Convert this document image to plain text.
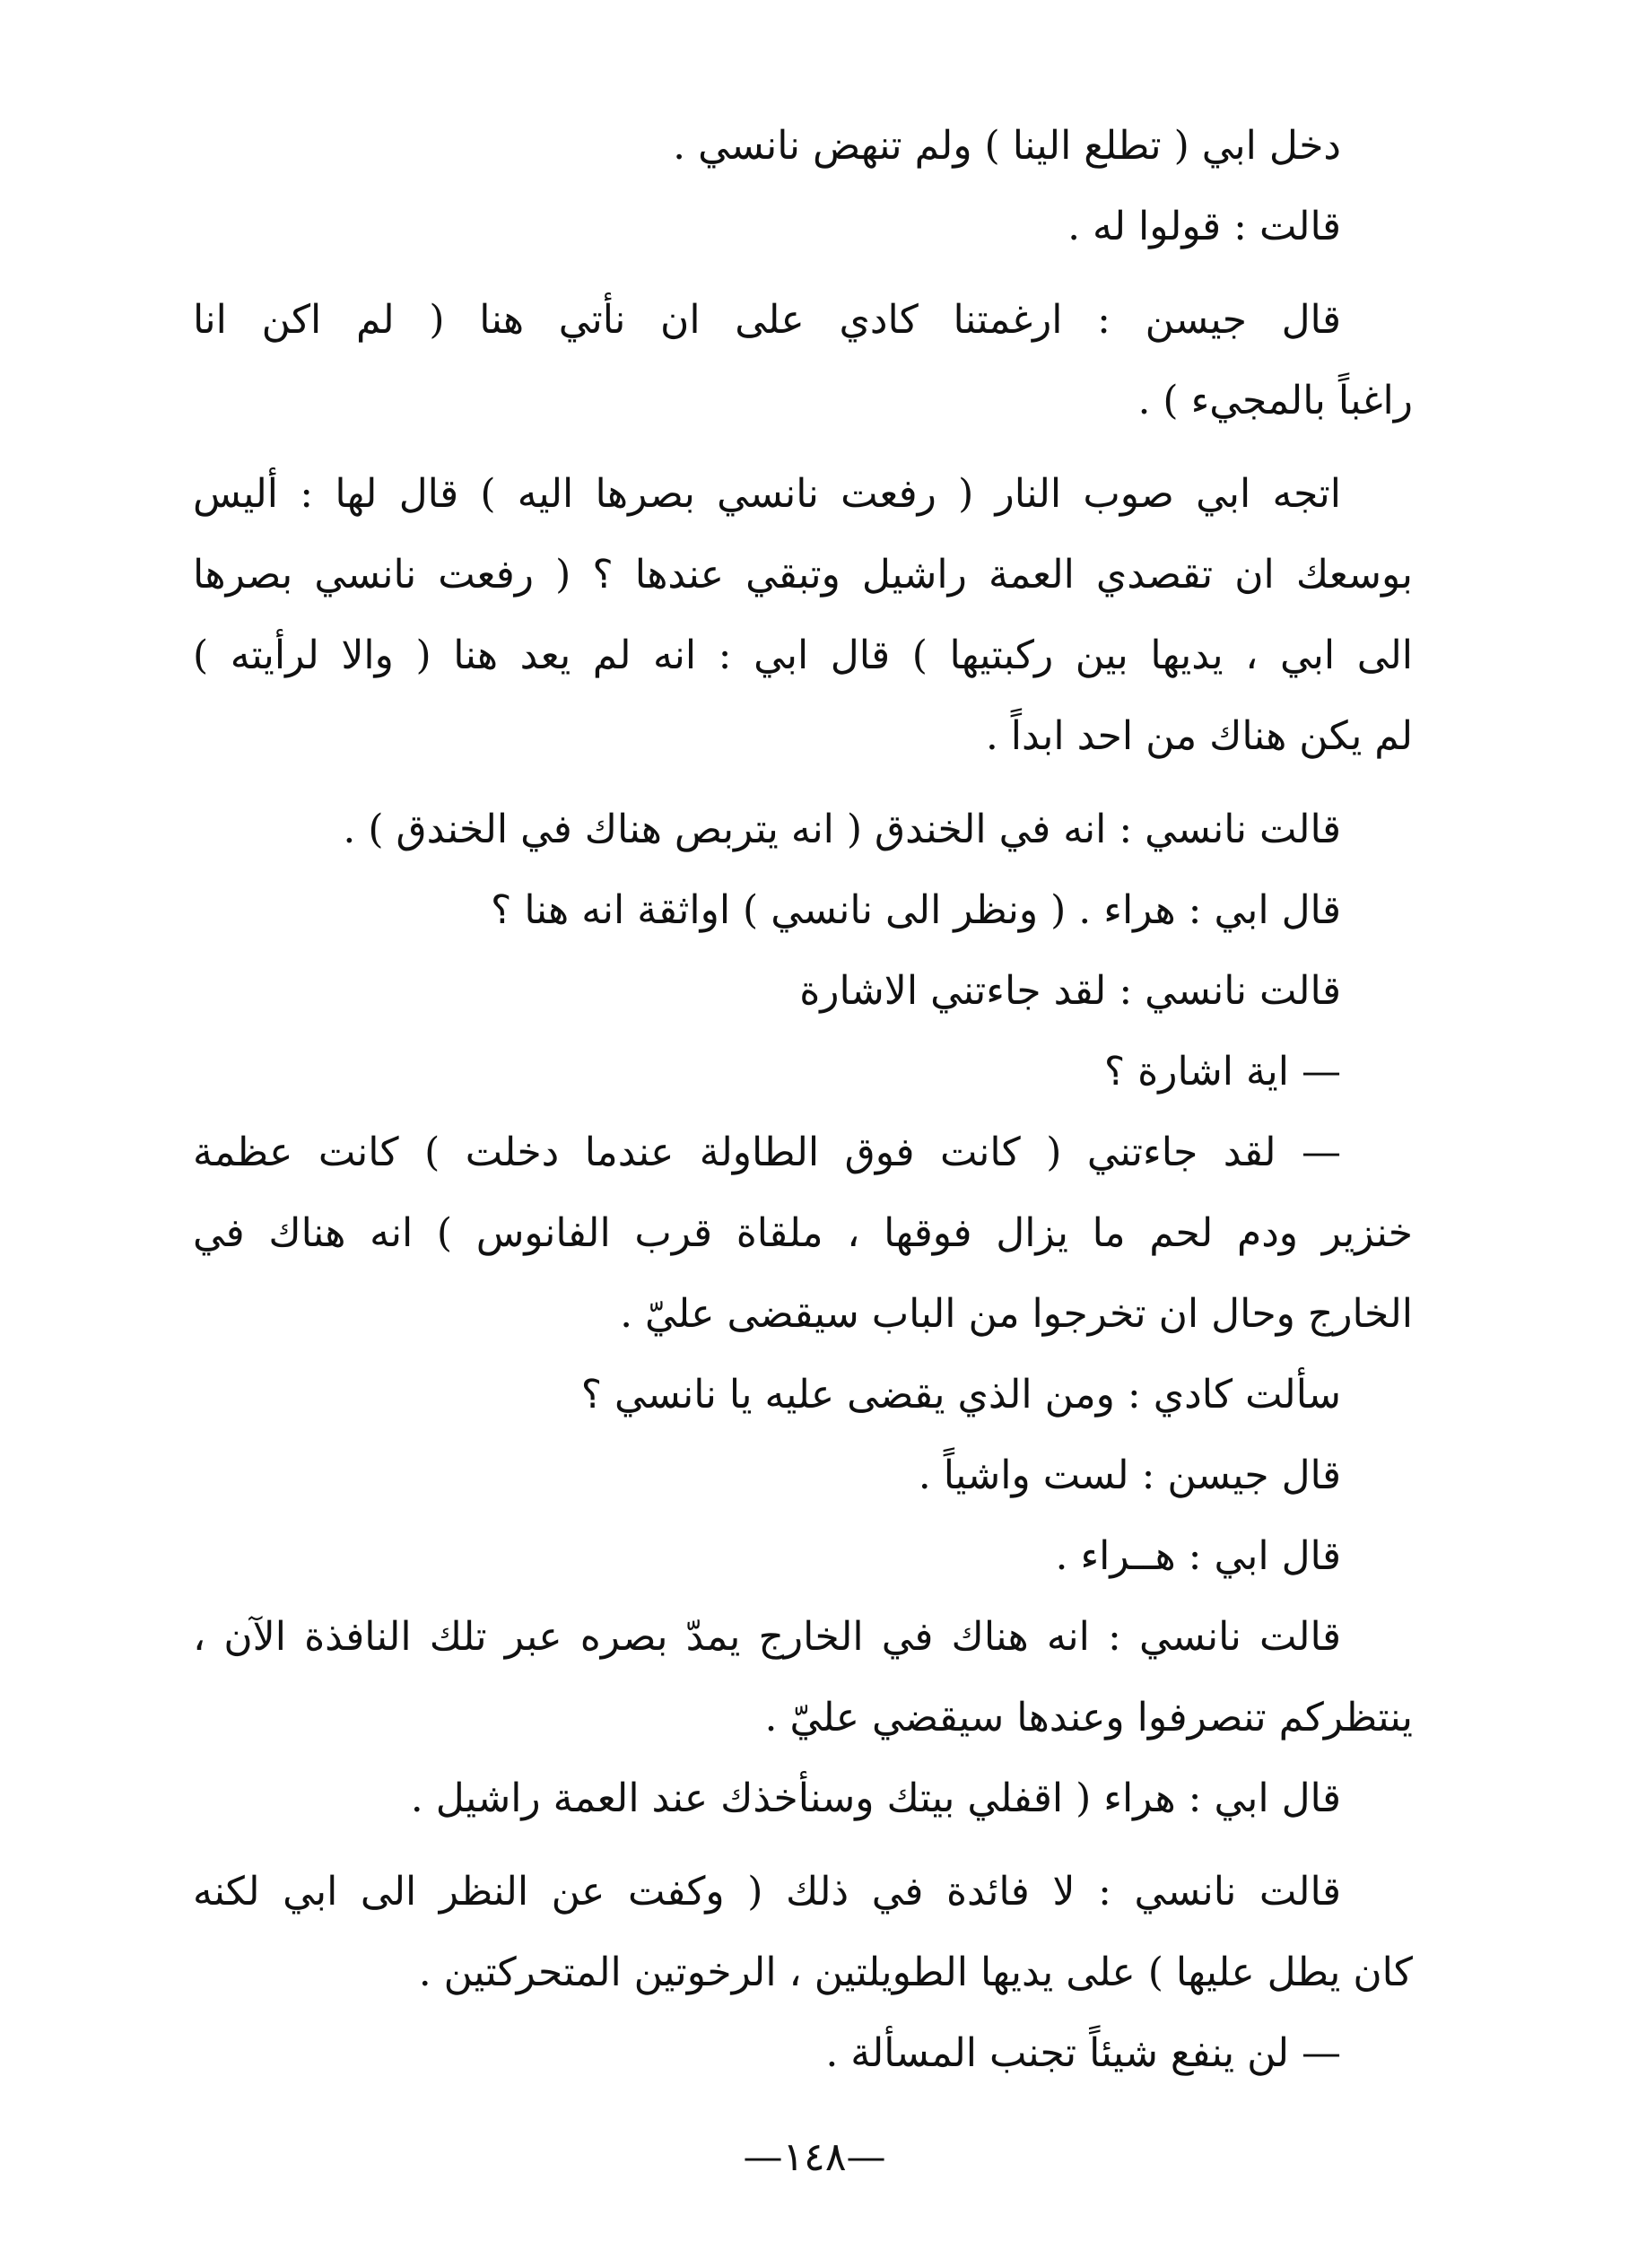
دخل ابي ( تطلع الينا ) ولم تنهض نانسي .
قالت : قولوا له .
قال جيسن : ارغمتنا كادي على ان نأتي هنا ( لم اكن انا
راغباً بالمجيء ) .
اتجه ابي صوب النار ( رفعت نانسي بصرها اليه ) قال لها : أليس
بوسعك ان تقصدي العمة راشيل وتبقي عندها ؟ ( رفعت نانسي بصرها
الى ابي ، يديها بين ركبتيها ) قال ابي : انه لم يعد هنا ( والا لرأيته )
لم يكن هناك من احد ابداً .
قالت نانسي : انه في الخندق ( انه يتربص هناك في الخندق ) .
قال ابي : هراء . ( ونظر الى نانسي ) اواثقة انه هنا ؟
قالت نانسي : لقد جاءتني الاشارة
— اية اشارة ؟
— لقد جاءتني ( كانت فوق الطاولة عندما دخلت ) كانت عظمة
خنزير ودم لحم ما يزال فوقها ، ملقاة قرب الفانوس ) انه هناك في
الخارج وحال ان تخرجوا من الباب سيقضى عليّ .
سألت كادي : ومن الذي يقضى عليه يا نانسي ؟
قال جيسن : لست واشياً .
قال ابي : هــراء .
قالت نانسي : انه هناك في الخارج يمدّ بصره عبر تلك النافذة الآن ،
ينتظركم تنصرفوا وعندها سيقضي عليّ .
قال ابي : هراء ( اقفلي بيتك وسنأخذك عند العمة راشيل .
قالت نانسي : لا فائدة في ذلك ( وكفت عن النظر الى ابي لكنه
كان يطل عليها ) على يديها الطويلتين ، الرخوتين المتحركتين .
— لن ينفع شيئاً تجنب المسألة .
—١٤٨—
